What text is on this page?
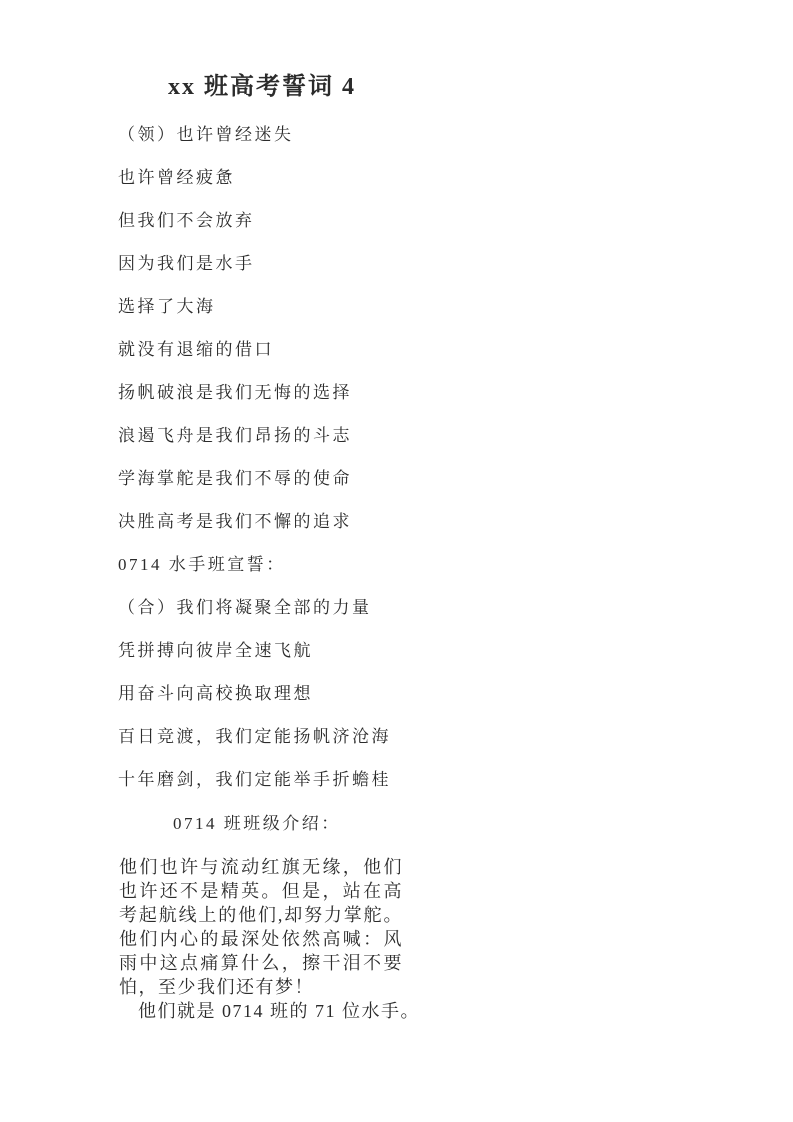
xx 班高考誓词 4

（领）也许曾经迷失

也许曾经疲惫

但我们不会放弃

因为我们是水手

选择了大海

就没有退缩的借口

扬帆破浪是我们无悔的选择

浪遏飞舟是我们昂扬的斗志

学海掌舵是我们不辱的使命

决胜高考是我们不懈的追求

0714 水手班宣誓：

（合）我们将凝聚全部的力量

凭拼搏向彼岸全速飞航

用奋斗向高校换取理想

百日竞渡，我们定能扬帆济沧海

十年磨剑，我们定能举手折蟾桂

0714 班班级介绍：

他们也许与流动红旗无缘，他们也许还不是精英。但是，站在高考起航线上的他们,却努力掌舵。他们内心的最深处依然高喊：风雨中这点痛算什么，擦干泪不要怕，至少我们还有梦！

他们就是 0714 班的 71 位水手。
